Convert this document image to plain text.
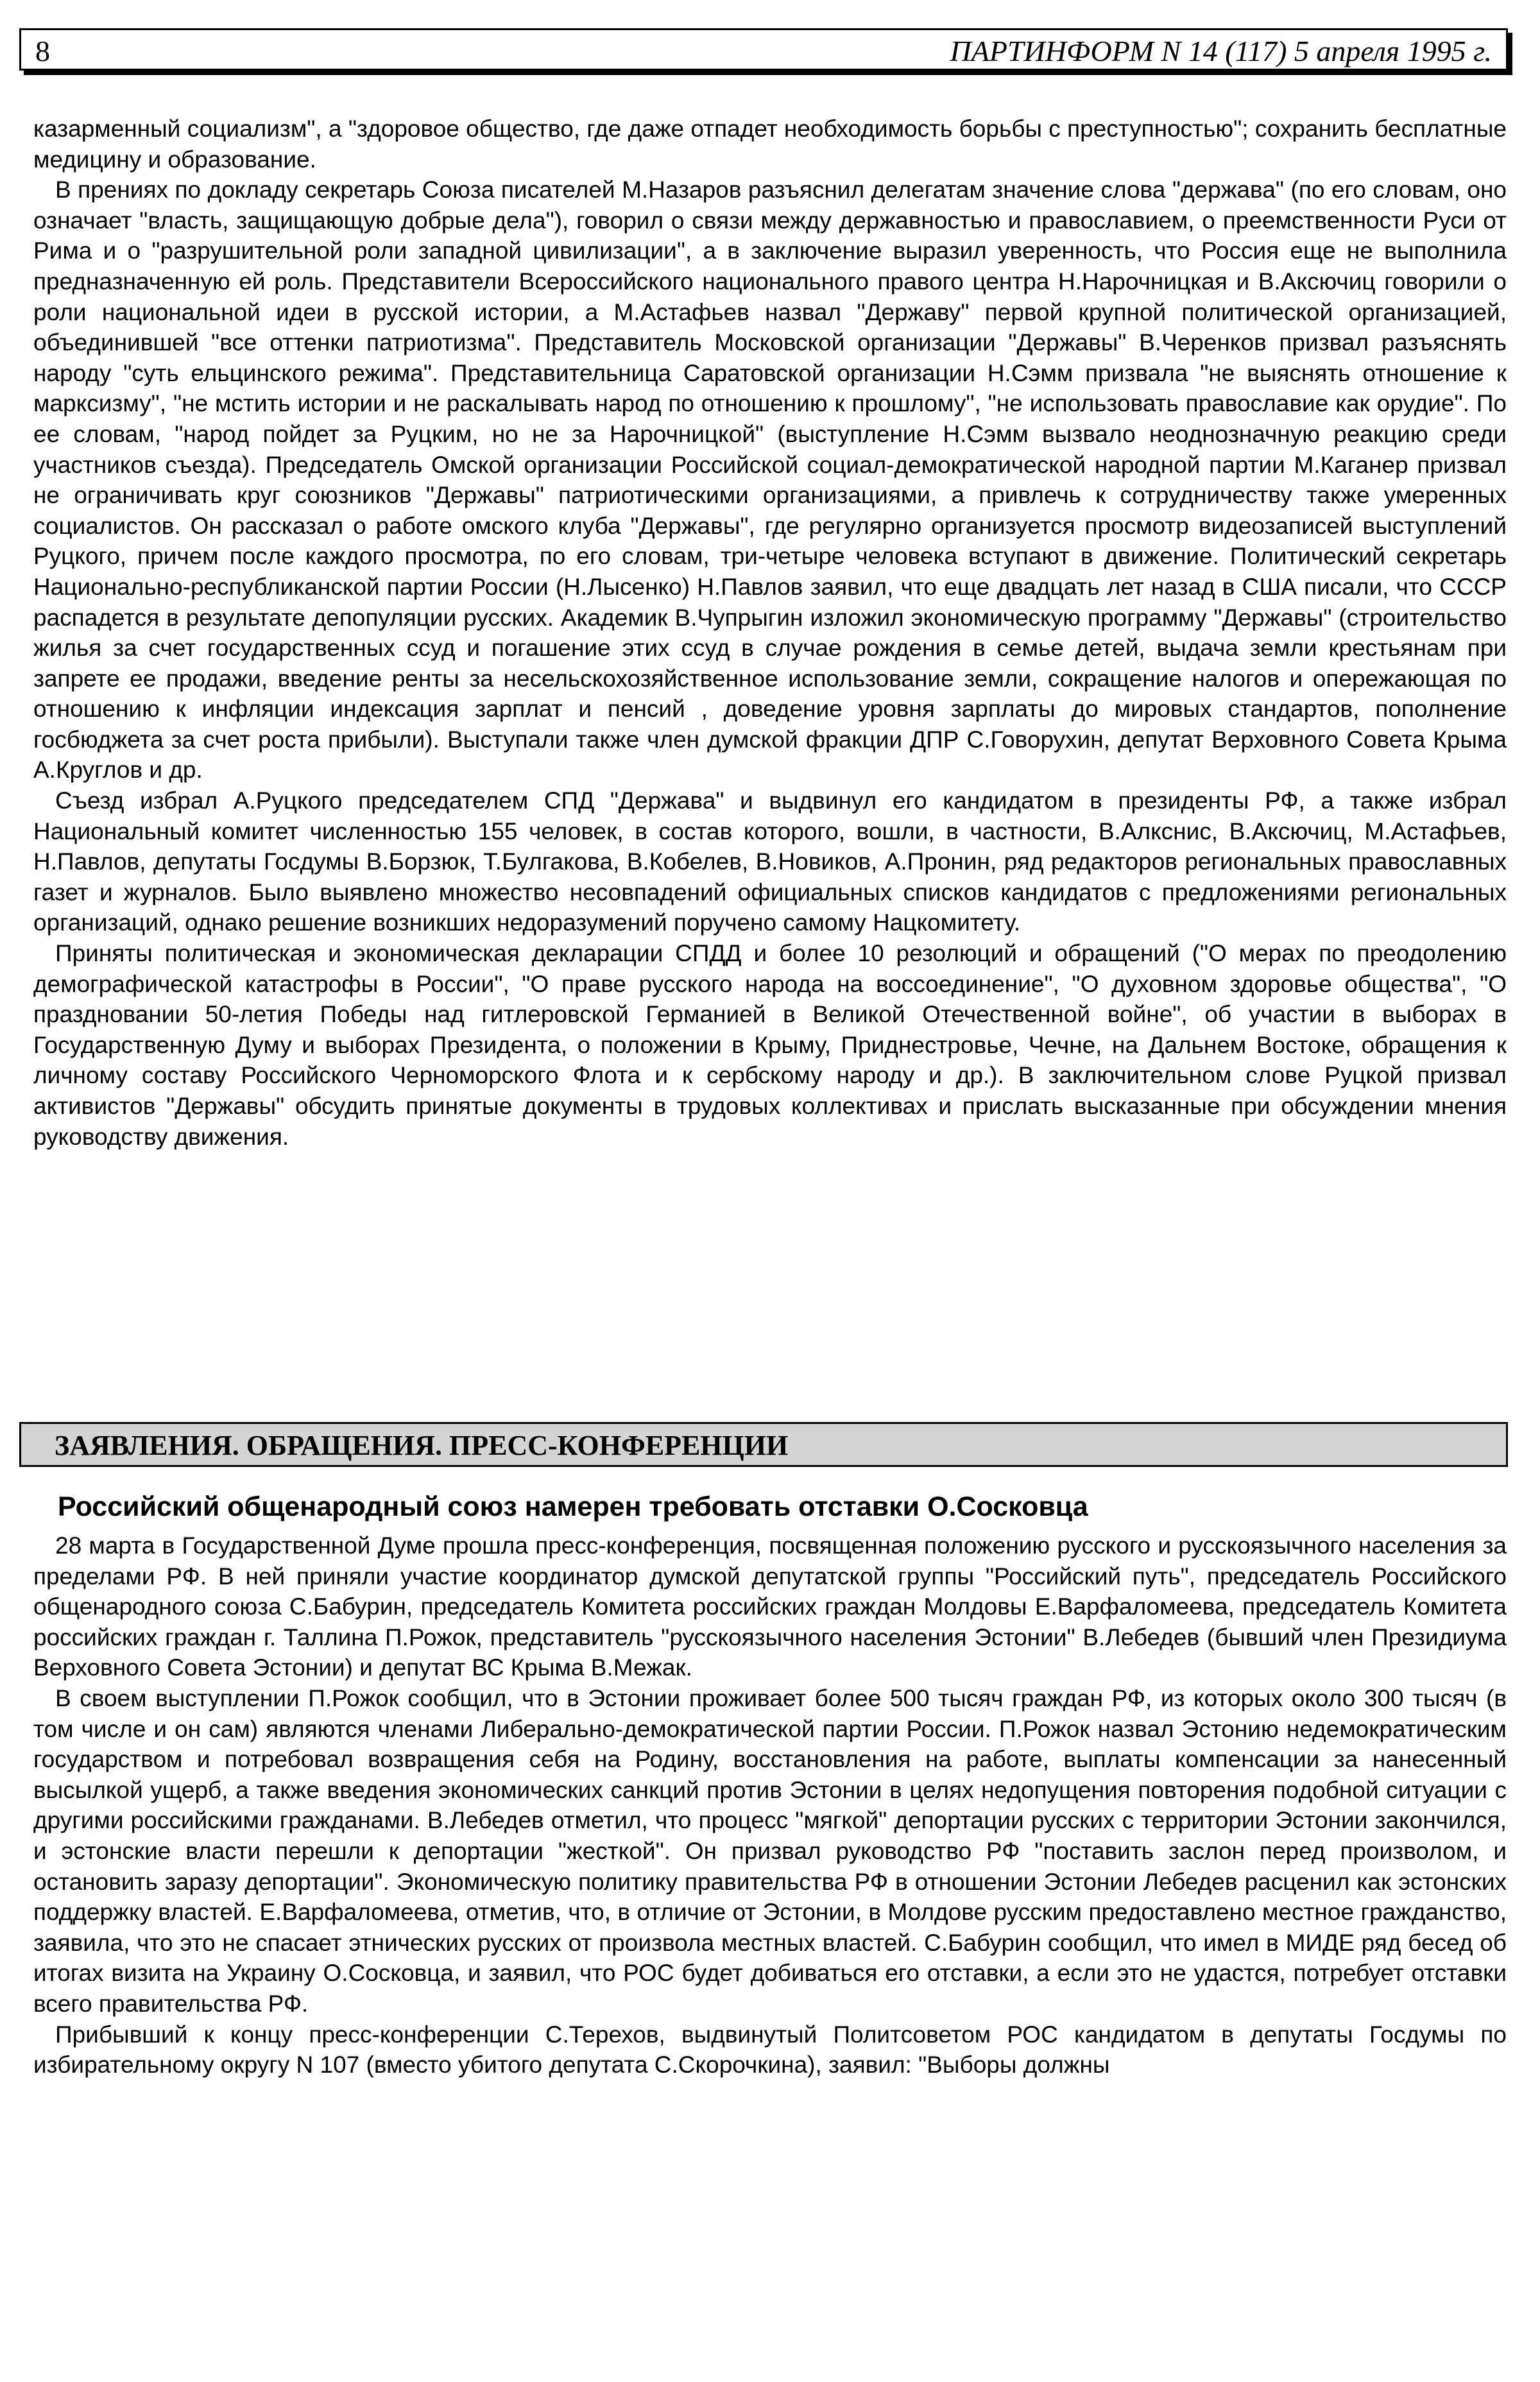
8	ПАРТИНФОРМ N 14 (117) 5 апреля 1995 г.

казарменный социализм", а "здоровое общество, где даже отпадет необходимость борьбы с преступностью"; сохранить бесплатные медицину и образование.

В прениях по докладу секретарь Союза писателей М.Назаров разъяснил делегатам значение слова "держава" (по его словам, оно означает "власть, защищающую добрые дела"), говорил о связи между державностью и православием, о преемственности Руси от Рима и о "разрушительной роли западной цивилизации", а в заключение выразил уверенность, что Россия еще не выполнила предназначенную ей роль. Представители Всероссийского национального правого центра Н.Нарочницкая и В.Аксючиц говорили о роли национальной идеи в русской истории, а М.Астафьев назвал "Державу" первой крупной политической организацией, объединившей "все оттенки патриотизма". Представитель Московской организации "Державы" В.Черенков призвал разъяснять народу "суть ельцинского режима". Представительница Саратовской организации Н.Сэмм призвала "не выяснять отношение к марксизму", "не мстить истории и не раскалывать народ по отношению к прошлому", "не использовать православие как орудие". По ее словам, "народ пойдет за Руцким, но не за Нарочницкой" (выступление Н.Сэмм вызвало неоднозначную реакцию среди участников съезда). Председатель Омской организации Российской социал-демократической народной партии М.Каганер призвал не ограничивать круг союзников "Державы" патриотическими организациями, а привлечь к сотрудничеству также умеренных социалистов. Он рассказал о работе омского клуба "Державы", где регулярно организуется просмотр видеозаписей выступлений Руцкого, причем после каждого просмотра, по его словам, три-четыре человека вступают в движение. Политический секретарь Национально-республиканской партии России (Н.Лысенко) Н.Павлов заявил, что еще двадцать лет назад в США писали, что СССР распадется в результате депопуляции русских. Академик В.Чупрыгин изложил экономическую программу "Державы" (строительство жилья за счет государственных ссуд и погашение этих ссуд в случае рождения в семье детей, выдача земли крестьянам при запрете ее продажи, введение ренты за несельскохозяйственное использование земли, сокращение налогов и опережающая по отношению к инфляции индексация зарплат и пенсий , доведение уровня зарплаты до мировых стандартов, пополнение госбюджета за счет роста прибыли). Выступали также член думской фракции ДПР С.Говорухин, депутат Верховного Совета Крыма А.Круглов и др.

Съезд избрал А.Руцкого председателем СПД "Держава" и выдвинул его кандидатом в президенты РФ, а также избрал Национальный комитет численностью 155 человек, в состав которого, вошли, в частности, В.Алкснис, В.Аксючиц, М.Астафьев, Н.Павлов, депутаты Госдумы В.Борзюк, Т.Булгакова, В.Кобелев, В.Новиков, А.Пронин, ряд редакторов региональных православных газет и журналов. Было выявлено множество несовпадений официальных списков кандидатов с предложениями региональных организаций, однако решение возникших недоразумений поручено самому Нацкомитету.

Приняты политическая и экономическая декларации СПДД и более 10 резолюций и обращений ("О мерах по преодолению демографической катастрофы в России", "О праве русского народа на воссоединение", "О духовном здоровье общества", "О праздновании 50-летия Победы над гитлеровской Германией в Великой Отечественной войне", об участии в выборах в Государственную Думу и выборах Президента, о положении в Крыму, Приднестровье, Чечне, на Дальнем Востоке, обращения к личному составу Российского Черноморского Флота и к сербскому народу и др.). В заключительном слове Руцкой призвал активистов "Державы" обсудить принятые документы в трудовых коллективах и прислать высказанные при обсуждении мнения руководству движения.

ЗАЯВЛЕНИЯ. ОБРАЩЕНИЯ. ПРЕСС-КОНФЕРЕНЦИИ
Российский общенародный союз намерен требовать отставки О.Сосковца

28 марта в Государственной Думе прошла пресс-конференция, посвященная положению русского и русскоязычного населения за пределами РФ. В ней приняли участие координатор думской депутатской группы "Российский путь", председатель Российского общенародного союза С.Бабурин, председатель Комитета российских граждан Молдовы Е.Варфаломеева, председатель Комитета российских граждан г. Таллина П.Рожок, представитель "русскоязычного населения Эстонии" В.Лебедев (бывший член Президиума Верховного Совета Эстонии) и депутат ВС Крыма В.Межак.

В своем выступлении П.Рожок сообщил, что в Эстонии проживает более 500 тысяч граждан РФ, из которых около 300 тысяч (в том числе и он сам) являются членами Либерально-демократической партии России. П.Рожок назвал Эстонию недемократическим государством и потребовал возвращения себя на Родину, восстановления на работе, выплаты компенсации за нанесенный высылкой ущерб, а также введения экономических санкций против Эстонии в целях недопущения повторения подобной ситуации с другими российскими гражданами. В.Лебедев отметил, что процесс "мягкой" депортации русских с территории Эстонии закончился, и эстонские власти перешли к депортации "жесткой". Он призвал руководство РФ "поставить заслон перед произволом, и остановить заразу депортации". Экономическую политику правительства РФ в отношении Эстонии Лебедев расценил как эстонских поддержку властей. Е.Варфаломеева, отметив, что, в отличие от Эстонии, в Молдове русским предоставлено местное гражданство, заявила, что это не спасает этнических русских от произвола местных властей. С.Бабурин сообщил, что имел в МИДЕ ряд бесед об итогах визита на Украину О.Сосковца, и заявил, что РОС будет добиваться его отставки, а если это не удастся, потребует отставки всего правительства РФ.

Прибывший к концу пресс-конференции С.Терехов, выдвинутый Политсоветом РОС кандидатом в депутаты Госдумы по избирательному округу N 107 (вместо убитого депутата С.Скорочкина), заявил: "Выборы должны
